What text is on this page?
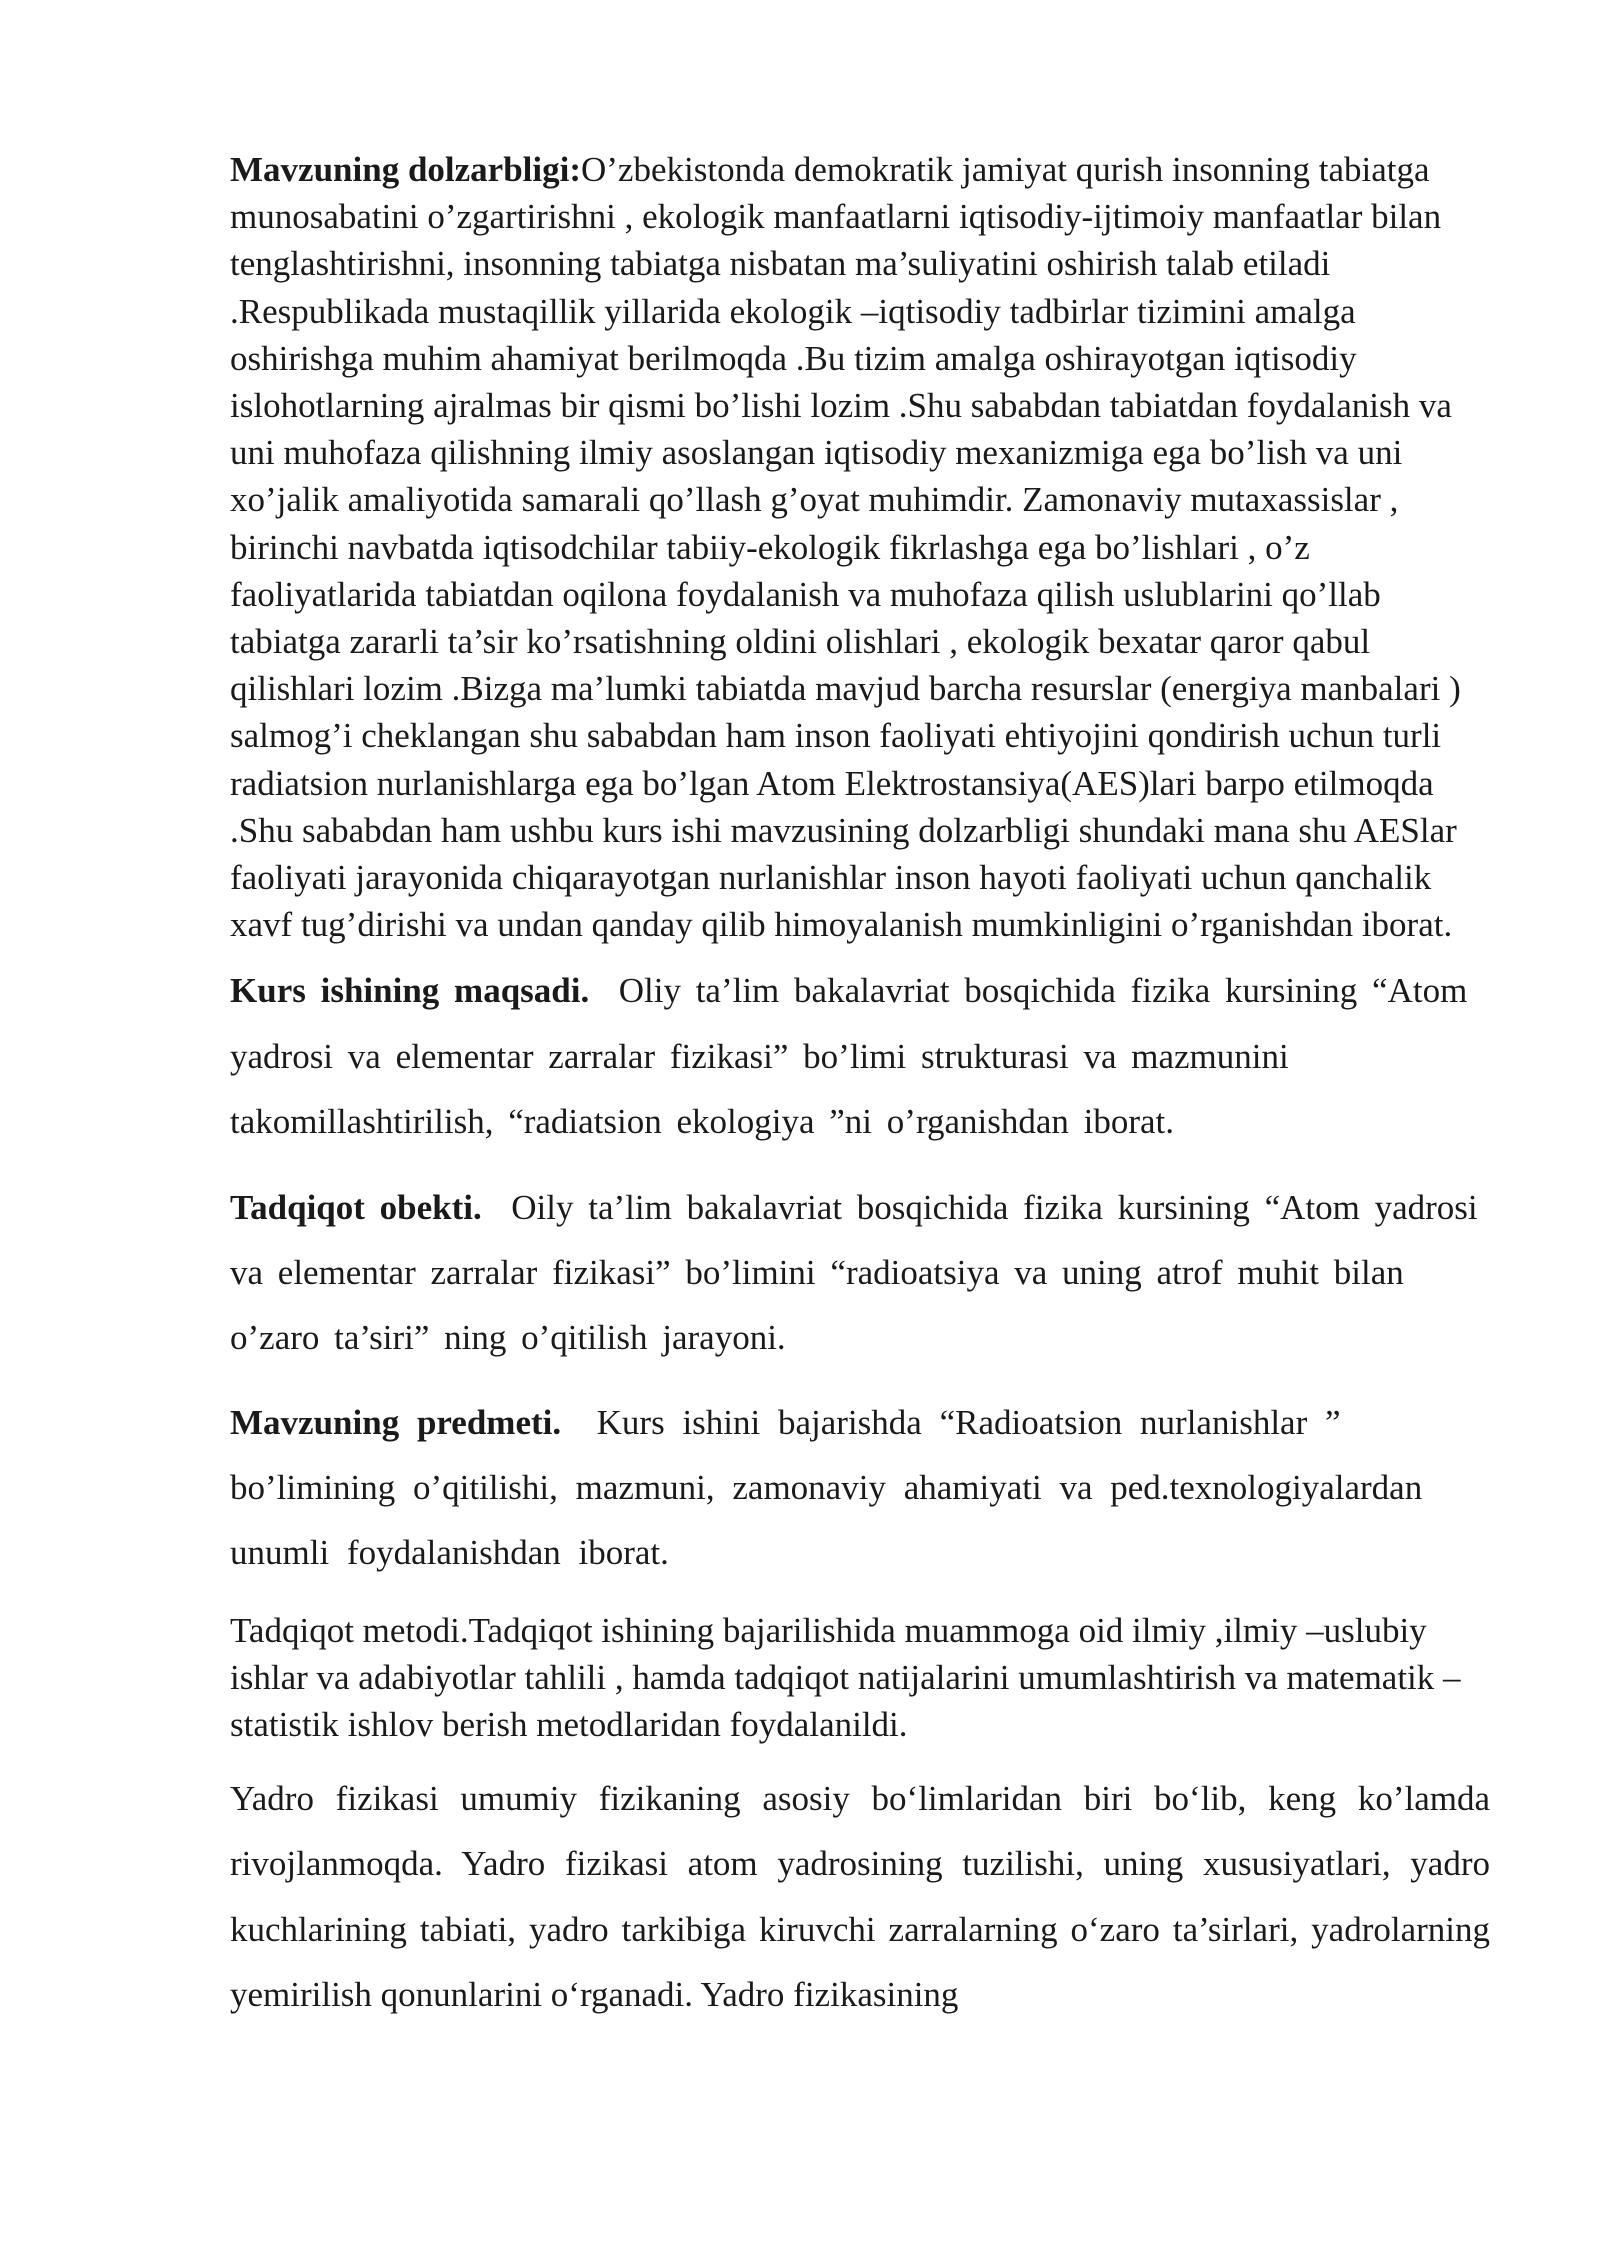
Mavzuning dolzarbligi:O’zbekistonda demokratik jamiyat qurish insonning tabiatga munosabatini o’zgartirishni , ekologik manfaatlarni iqtisodiy-ijtimoiy manfaatlar bilan tenglashtirishni, insonning tabiatga nisbatan ma’suliyatini oshirish talab etiladi .Respublikada mustaqillik yillarida ekologik –iqtisodiy tadbirlar tizimini amalga oshirishga muhim ahamiyat berilmoqda .Bu tizim amalga oshirayotgan iqtisodiy islohotlarning ajralmas bir qismi bo’lishi lozim .Shu sababdan tabiatdan foydalanish va uni muhofaza qilishning ilmiy asoslangan iqtisodiy mexanizmiga ega bo’lish va uni xo’jalik amaliyotida samarali qo’llash g’oyat muhimdir. Zamonaviy mutaxassislar , birinchi navbatda iqtisodchilar tabiiy-ekologik fikrlashga ega bo’lishlari , o’z faoliyatlarida tabiatdan oqilona foydalanish va muhofaza qilish uslublarini qo’llab tabiatga zararli ta’sir ko’rsatishning oldini olishlari , ekologik bexatar qaror qabul qilishlari lozim .Bizga ma’lumki tabiatda mavjud barcha resurslar (energiya manbalari ) salmog’i cheklangan shu sababdan ham inson faoliyati ehtiyojini qondirish uchun turli radiatsion nurlanishlarga ega bo’lgan Atom Elektrostansiya(AES)lari barpo etilmoqda .Shu sababdan ham ushbu kurs ishi mavzusining dolzarbligi shundaki mana shu AESlar faoliyati jarayonida chiqarayotgan nurlanishlar inson hayoti faoliyati uchun qanchalik xavf tug’dirishi va undan qanday qilib himoyalanish mumkinligini o’rganishdan iborat.

Kurs ishining maqsadi. Oliy ta’lim bakalavriat bosqichida fizika kursining “Atom yadrosi va elementar zarralar fizikasi” bo’limi strukturasi va mazmunini takomillashtirilish, “radiatsion ekologiya ”ni o’rganishdan iborat.

Tadqiqot obekti. Oily ta’lim bakalavriat bosqichida fizika kursining “Atom yadrosi va elementar zarralar fizikasi” bo’limini “radioatsiya va uning atrof muhit bilan o’zaro ta’siri” ning o’qitilish jarayoni.

Mavzuning predmeti. Kurs ishini bajarishda “Radioatsion nurlanishlar ” bo’limining o’qitilishi, mazmuni, zamonaviy ahamiyati va ped.texnologiyalardan unumli foydalanishdan iborat.

Tadqiqot metodi.Tadqiqot ishining bajarilishida muammoga oid ilmiy ,ilmiy –uslubiy ishlar va adabiyotlar tahlili , hamda tadqiqot natijalarini umumlashtirish va matematik –statistik ishlov berish metodlaridan foydalanildi.

Yadro fizikasi umumiy fizikaning asosiy bo‘limlaridan biri bo‘lib, keng ko’lamda rivojlanmoqda. Yadro fizikasi atom yadrosining tuzilishi, uning xususiyatlari, yadro kuchlarining tabiati, yadro tarkibiga kiruvchi zarralarning o‘zaro ta’sirlari, yadrolarning yemirilish qonunlarini o‘rganadi. Yadro fizikasining
